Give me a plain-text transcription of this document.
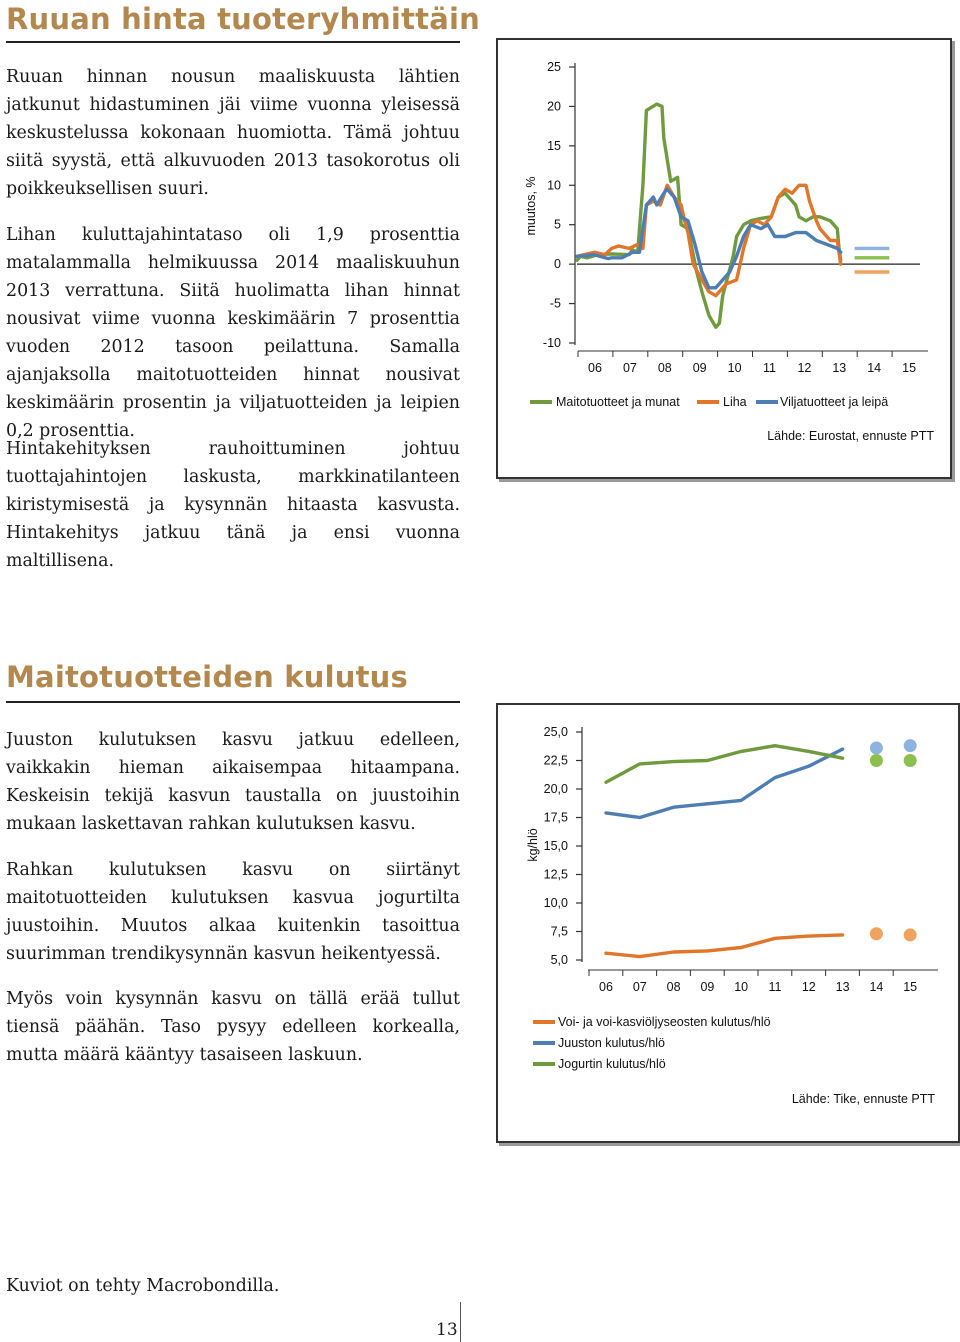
Ruuan hinta tuoteryhmittäin

Ruuan hinnan nousun maaliskuusta lähtien jatkunut hidastuminen jäi viime vuonna yleisessä keskustelussa kokonaan huomiotta. Tämä johtuu siitä syystä, että alkuvuoden 2013 tasokorotus oli poikkeuksellisen suuri.

Lihan kuluttajahintataso oli 1,9 prosenttia matalammalla helmikuussa 2014 maaliskuuhun 2013 verrattuna. Siitä huolimatta lihan hinnat nousivat viime vuonna keskimäärin 7 prosenttia vuoden 2012 tasoon peilattuna. Samalla ajanjaksolla maitotuotteiden hinnat nousivat keskimäärin prosentin ja viljatuotteiden ja leipien 0,2 prosenttia.

Hintakehityksen rauhoittuminen johtuu tuottajahintojen laskusta, markkinatilanteen kiristymisestä ja kysynnän hitaasta kasvusta. Hintakehitys jatkuu tänä ja ensi vuonna maltillisena.

25
20
15
10
5
0
-5
-10
muutos, %
06 07 08 09 10 11 12 13 14 15
Maitotuotteet ja munat	Liha	Viljatuotteet ja leipä
Lähde: Eurostat, ennuste PTT
Maitotuotteiden kulutus

Juuston kulutuksen kasvu jatkuu edelleen, vaikkakin hieman aikaisempaa hitaampana. Keskeisin tekijä kasvun taustalla on juustoihin mukaan laskettavan rahkan kulutuksen kasvu.

Rahkan kulutuksen kasvu on siirtänyt maitotuotteiden kulutuksen kasvua jogurtilta juustoihin. Muutos alkaa kuitenkin tasoittua suurimman trendikysynnän kasvun heikentyessä.

Myös voin kysynnän kasvu on tällä erää tullut tiensä päähän. Taso pysyy edelleen korkealla, mutta määrä kääntyy tasaiseen laskuun.

25,0
22,5
20,0
17,5
15,0
12,5
10,0
7,5
5,0
kg/hlö
06 07 08 09 10 11 12 13 14 15
Voi- ja voi-kasviöljyseosten kulutus/hlö
Juuston kulutus/hlö
Jogurtin kulutus/hlö
Lähde: Tike, ennuste PTT

Kuviot on tehty Macrobondilla.

13
